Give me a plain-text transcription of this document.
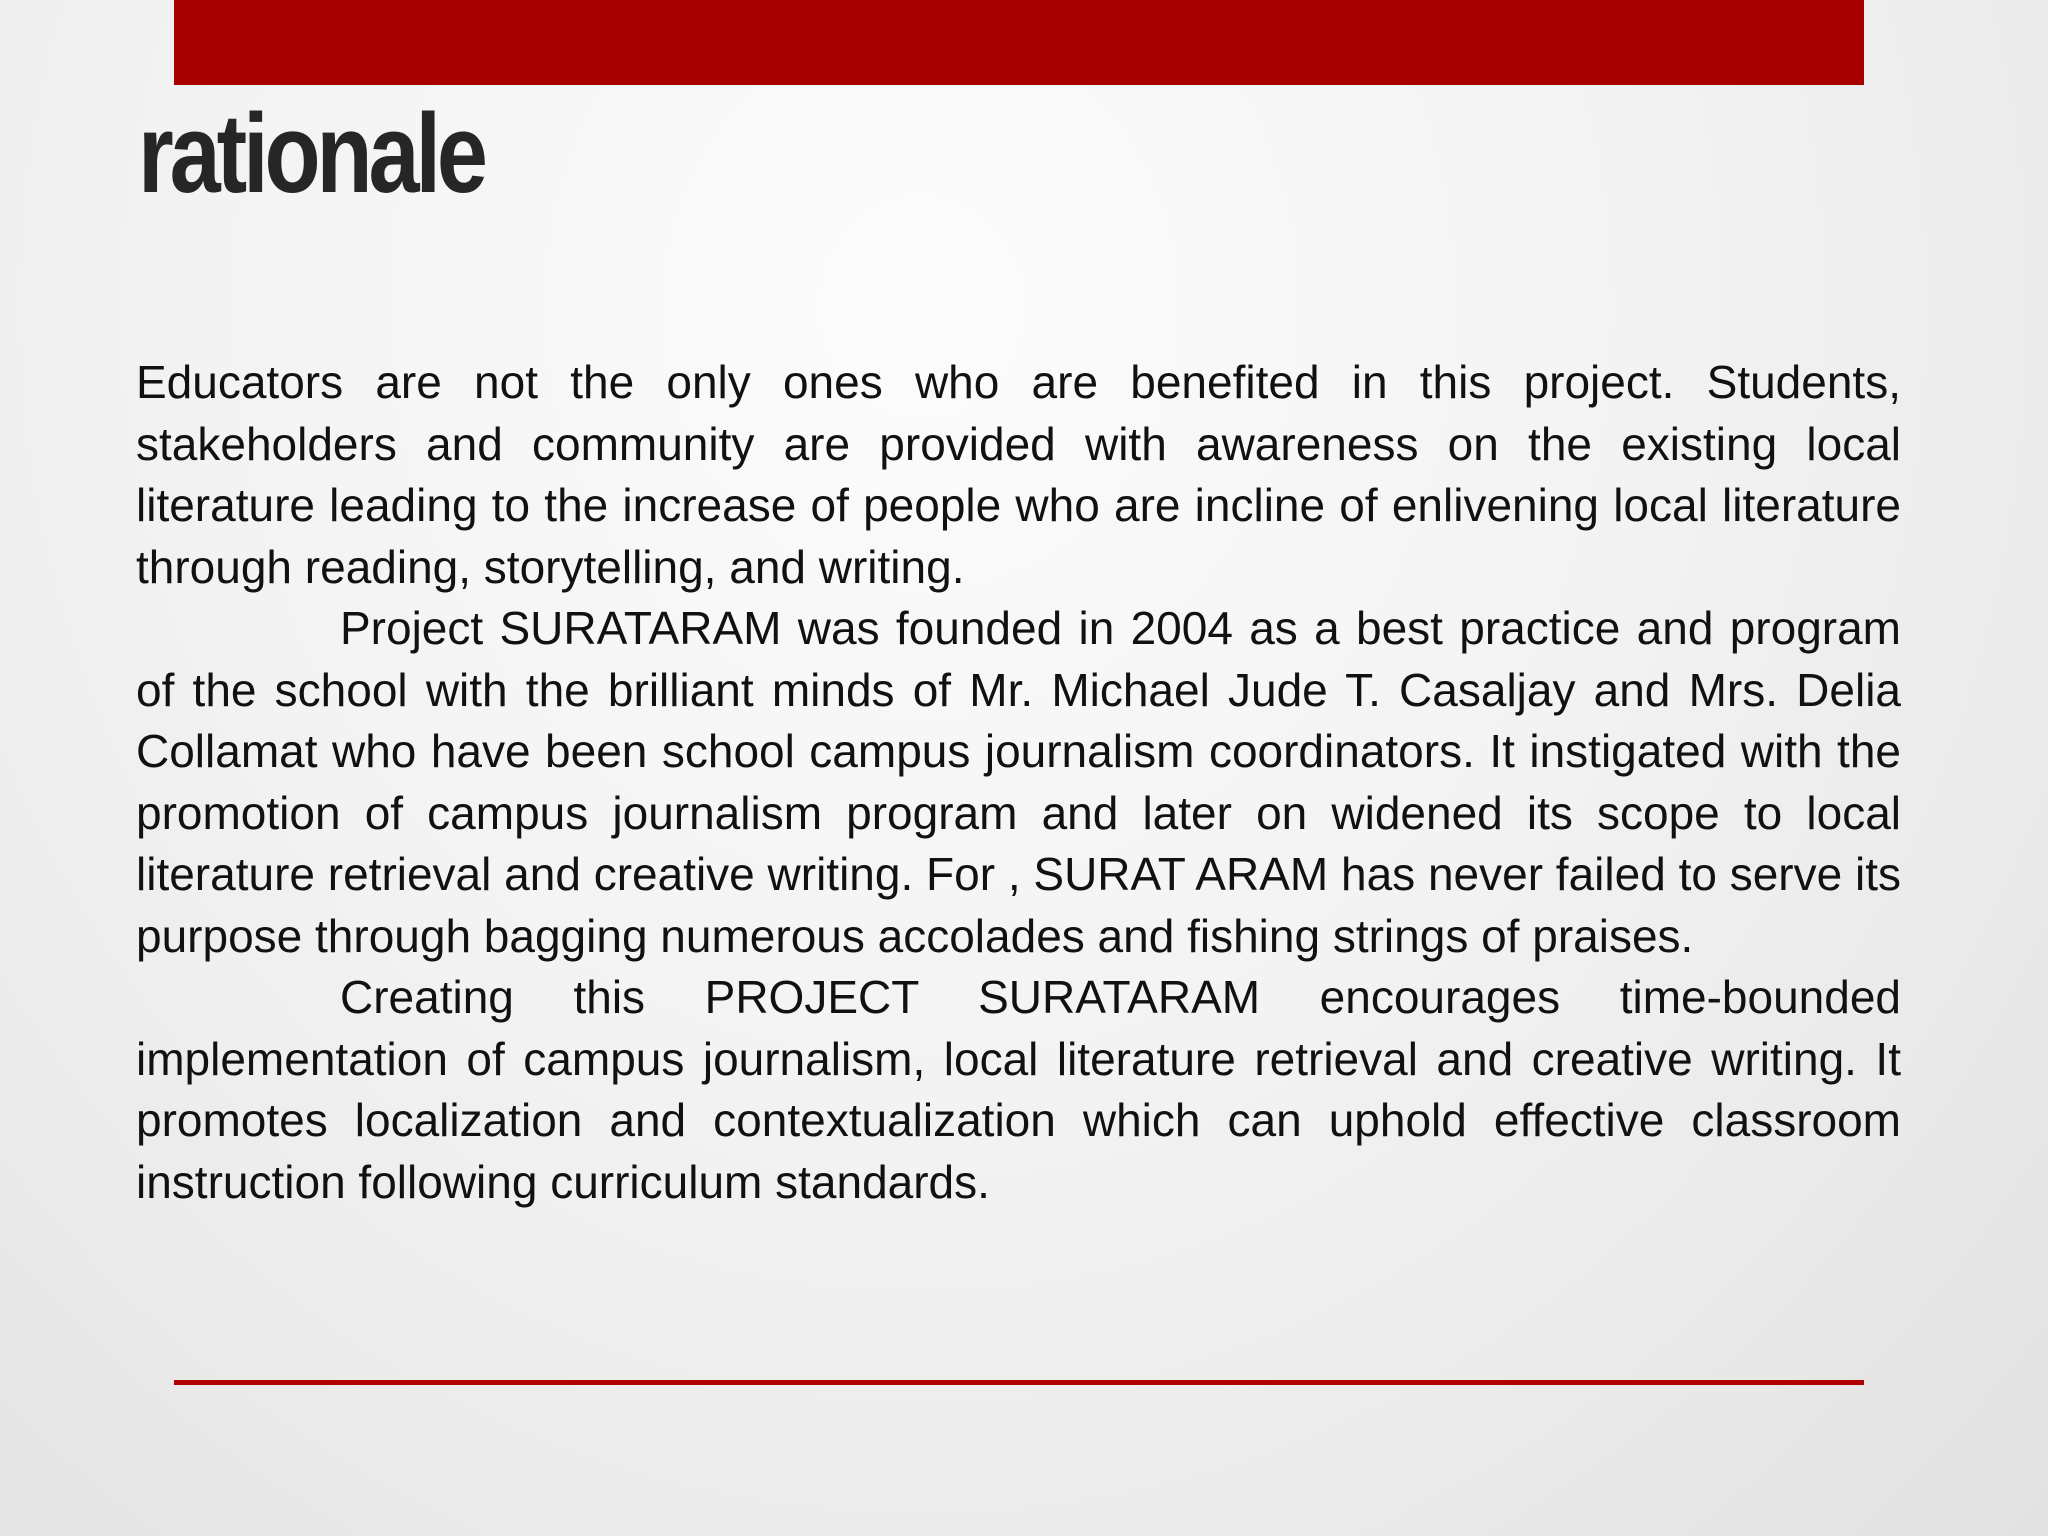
rationale

Educators are not the only ones who are benefited in this project. Students, stakeholders and community are provided with awareness on the existing local literature leading to the increase of people who are incline of enlivening local literature through reading, storytelling, and writing.

Project SURATARAM was founded in 2004 as a best practice and program of the school with the brilliant minds of Mr. Michael Jude T. Casaljay and Mrs. Delia Collamat who have been school campus journalism coordinators. It instigated with the promotion of campus journalism program and later on widened its scope to local literature retrieval and creative writing. For , SURAT ARAM has never failed to serve its purpose through bagging numerous accolades and fishing strings of praises.

Creating this PROJECT SURATARAM encourages time-bounded implementation of campus journalism, local literature retrieval and creative writing. It promotes localization and contextualization which can uphold effective classroom instruction following curriculum standards.
